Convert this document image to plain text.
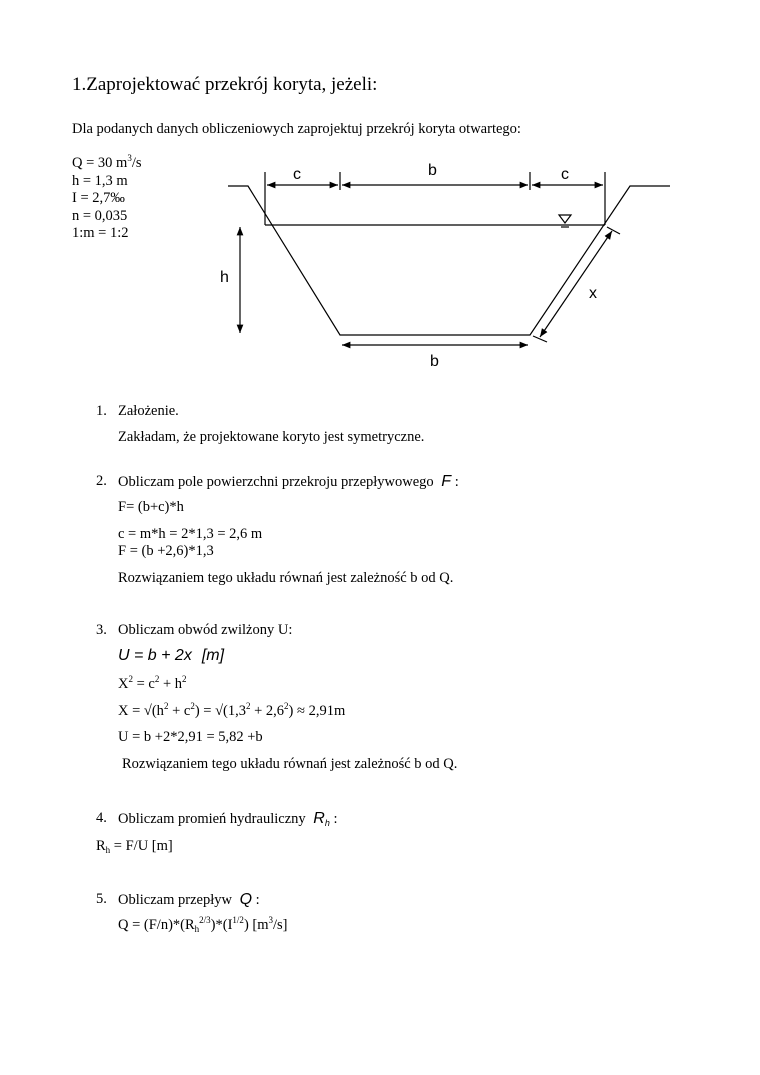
1.Zaprojektować przekrój koryta, jeżeli:

Dla podanych danych obliczeniowych zaprojektuj przekrój koryta otwartego:

Q = 30 $m^3/s$
h = 1,3 m
I = 2,7‰
n = 0,035
1:m = 1:2
c	b	c
h
x
b
1. Założenie.
Zakładam, że projektowane koryto jest symetryczne.
2. Obliczam pole powierzchni przekroju przepływowego F :
F= (b+c)*h
c = m*h = 2*1,3 = 2,6 m
F = (b +2,6)*1,3
Rozwiązaniem tego układu równań jest zależność b od Q.
3. Obliczam obwód zwilżony U:
U = b + 2x [m]
$X^2 = c^2 + h^2$
$X = √(h^2 + c^2) = √(1,3^2 + 2,6^2) \approx 2,91m$
U = b +2*2,91 = 5,82 +b
Rozwiązaniem tego układu równań jest zależność b od Q.
4. Obliczam promień hydrauliczny $R_h$ :
$R_h = F/U$ [m]
5. Obliczam przepływ Q :
$Q = (F/n)*(R_h^{2/3})*(I^{1/2})$ $[m^3/s]$
